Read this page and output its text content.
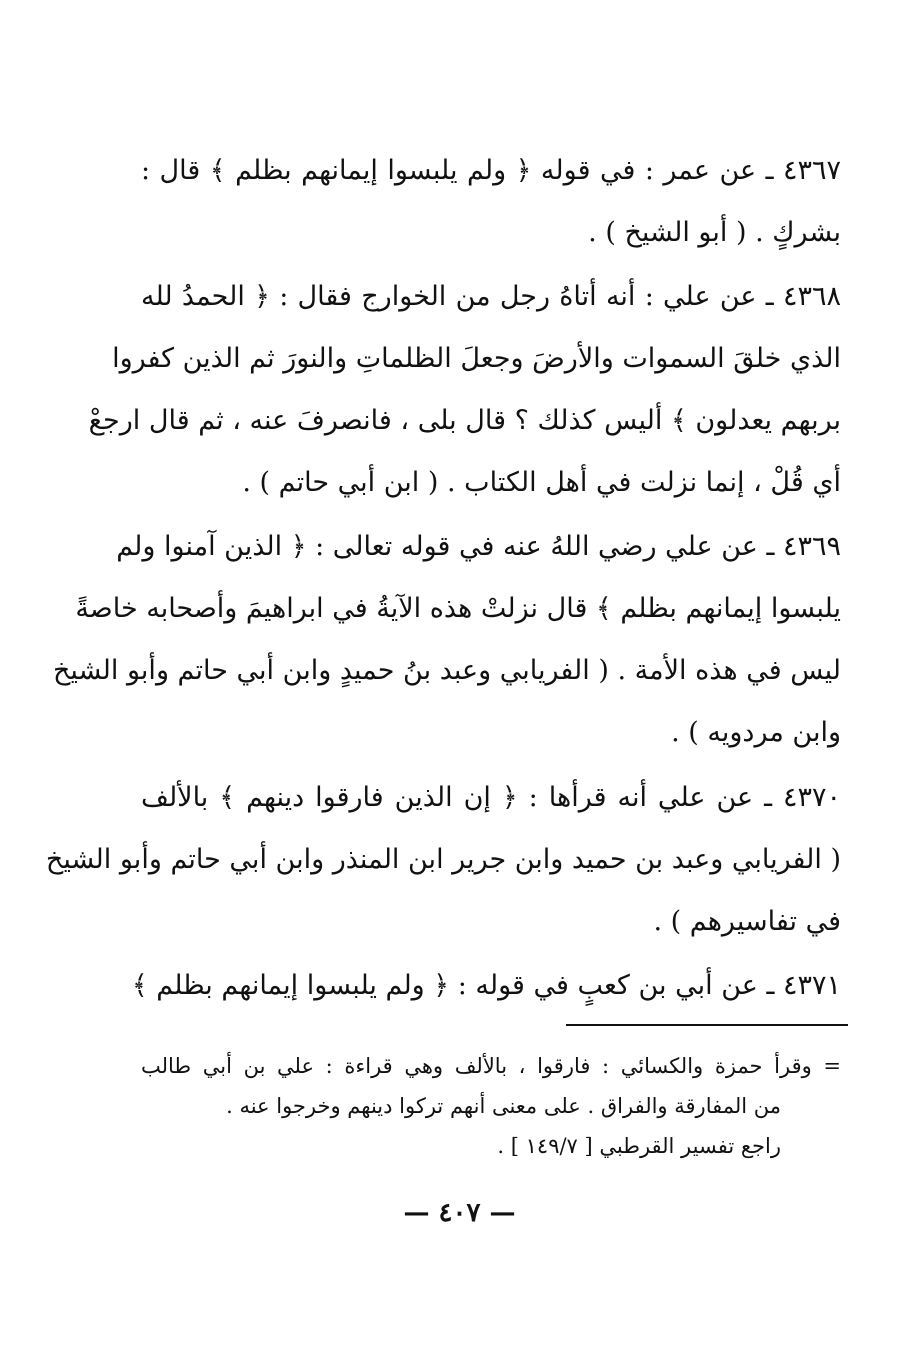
٤٣٦٧ ـ عن عمر : في قوله ﴿ ولم يلبسوا إيمانهم بظلم ﴾ قال :
بشركٍ . ( أبو الشيخ ) .
٤٣٦٨ ـ عن علي : أنه أتاهُ رجل من الخوارج فقال : ﴿ الحمدُ لله
الذي خلقَ السموات والأرضَ وجعلَ الظلماتِ والنورَ ثم الذين كفروا
بربهم يعدلون ﴾ أليس كذلك ؟ قال بلى ، فانصرفَ عنه ، ثم قال ارجعْ
أي قُلْ ، إنما نزلت في أهل الكتاب . ( ابن أبي حاتم ) .
٤٣٦٩ ـ عن علي رضي اللهُ عنه في قوله تعالى : ﴿ الذين آمنوا ولم
يلبسوا إيمانهم بظلم ﴾ قال نزلتْ هذه الآيةُ في ابراهيمَ وأصحابه خاصةً
ليس في هذه الأمة . ( الفريابي وعبد بنُ حميدٍ وابن أبي حاتم وأبو الشيخ
وابن مردويه ) .
٤٣٧٠ ـ عن علي أنه قرأها : ﴿ إن الذين فارقوا دينهم ﴾ بالألف
( الفريابي وعبد بن حميد وابن جرير ابن المنذر وابن أبي حاتم وأبو الشيخ
في تفاسيرهم ) .
٤٣٧١ ـ عن أبي بن كعبٍ في قوله : ﴿ ولم يلبسوا إيمانهم بظلم ﴾
= وقرأ حمزة والكسائي : فارقوا ، بالألف وهي قراءة : علي بن أبي طالب
من المفارقة والفراق . على معنى أنهم تركوا دينهم وخرجوا عنه .
راجع تفسير القرطبي [ ١٤٩/٧ ] .
— ٤٠٧ —
